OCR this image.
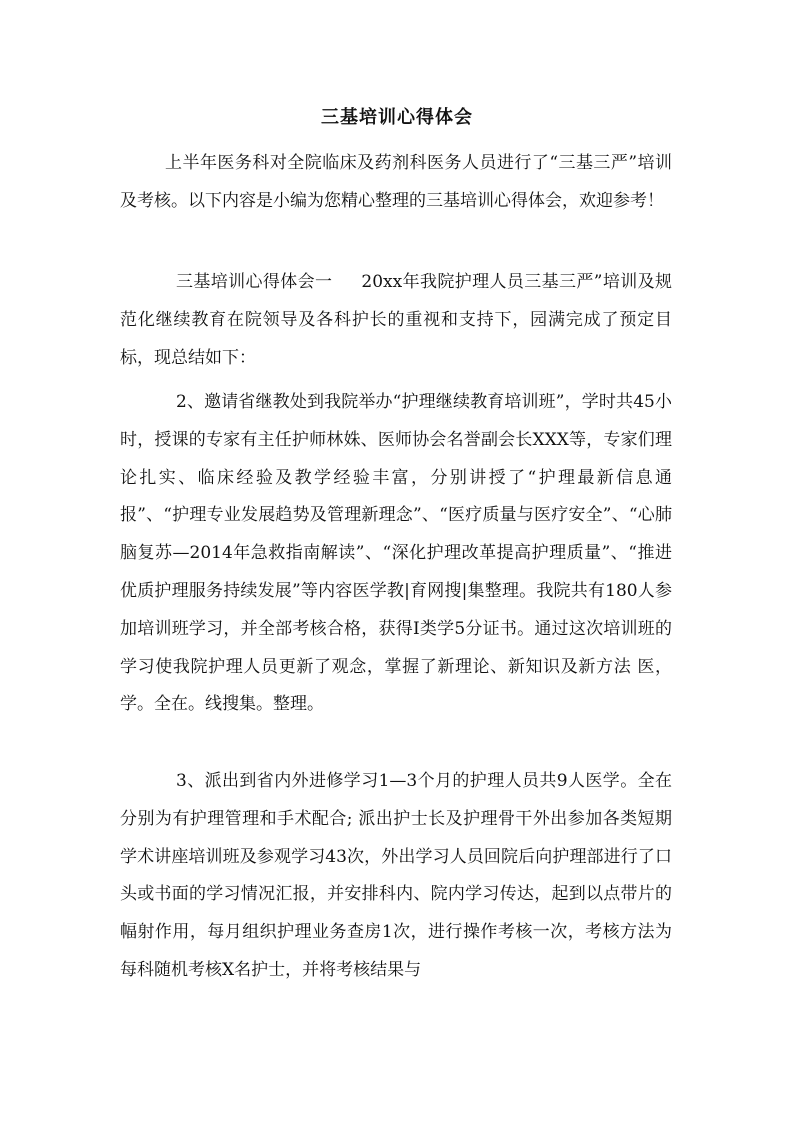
三基培训心得体会

上半年医务科对全院临床及药剂科医务人员进行了“三基三严”培训及考核。以下内容是小编为您精心整理的三基培训心得体会，欢迎参考！

三基培训心得体会一 　 20xx年我院护理人员三基三严”培训及规范化继续教育在院领导及各科护长的重视和支持下，园满完成了预定目标，现总结如下：

2、邀请省继教处到我院举办“护理继续教育培训班”，学时共45小时，授课的专家有主任护师林姝、医师协会名誉副会长XXX等，专家们理论扎实、临床经验及教学经验丰富，分别讲授了“护理最新信息通报”、“护理专业发展趋势及管理新理念”、“医疗质量与医疗安全”、“心肺脑复苏—2014年急救指南解读”、“深化护理改革提高护理质量”、“推进优质护理服务持续发展”等内容医学教|育网搜|集整理。我院共有180人参 加培训班学习，并全部考核合格，获得Ⅰ类学5分证书。通过这次培训班的学习使我院护理人员更新了观念，掌握了新理论、新知识及新方法 医，学。全在。线搜集。整理。

3、派出到省内外进修学习1—3个月的护理人员共9人医学。全在分别为有护理管理和手术配合; 派出护士长及护理骨干外出参加各类短期学术讲座培训班及参观学习43次，外出学习人员回院后向护理部进行了口头或书面的学习情况汇报，并安排科内、院内学习传达，起到以点带片的幅射作用，每月组织护理业务查房1次，进行操作考核一次，考核方法为每科随机考核X名护士，并将考核结果与
